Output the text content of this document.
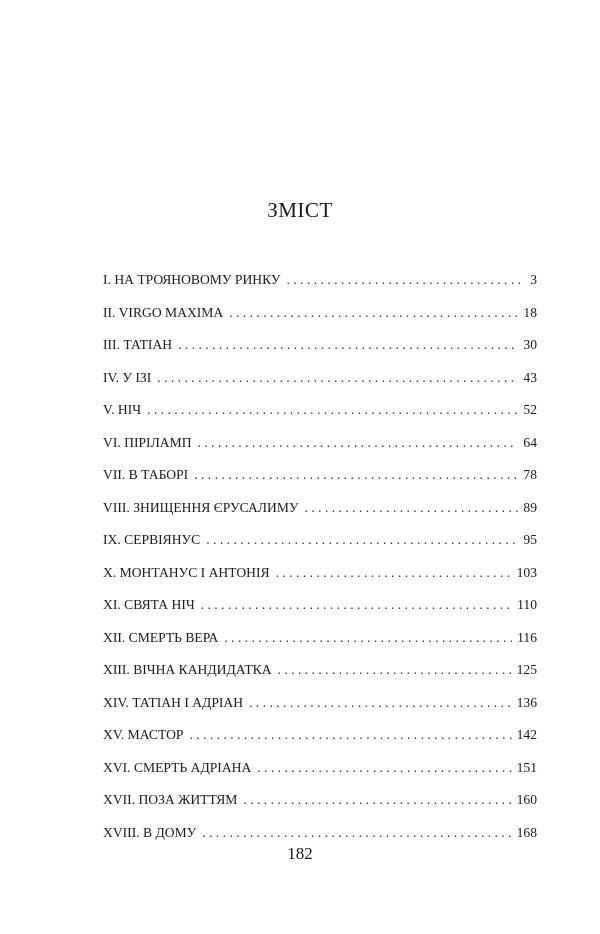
ЗМІСТ
I. НА ТРОЯНОВОМУ РИНКУ . . .	3
II. VIRGO MAXIMA . . .	18
III. ТАТІАН . . .	30
IV. У ІЗІ . . .	43
V. НІЧ . . .	52
VI. ПІРІЛАМП . . .	64
VII. В ТАБОРІ . . .	78
VIII. ЗНИЩЕННЯ ЄРУСАЛИМУ . . .	89
IX. СЕРВІЯНУС . . .	95
X. МОНТАНУС І АНТОНІЯ . . .	103
XI. СВЯТА НІЧ . . .	110
XII. СМЕРТЬ ВЕРА . . .	116
XIII. ВІЧНА КАНДИДАТКА . . .	125
XIV. ТАТІАН І АДРІАН . . .	136
XV. МАСТОР . . .	142
XVI. СМЕРТЬ АДРІАНА . . .	151
XVII. ПОЗА ЖИТТЯМ . . .	160
XVIII. В ДОМУ . . .	168
182
